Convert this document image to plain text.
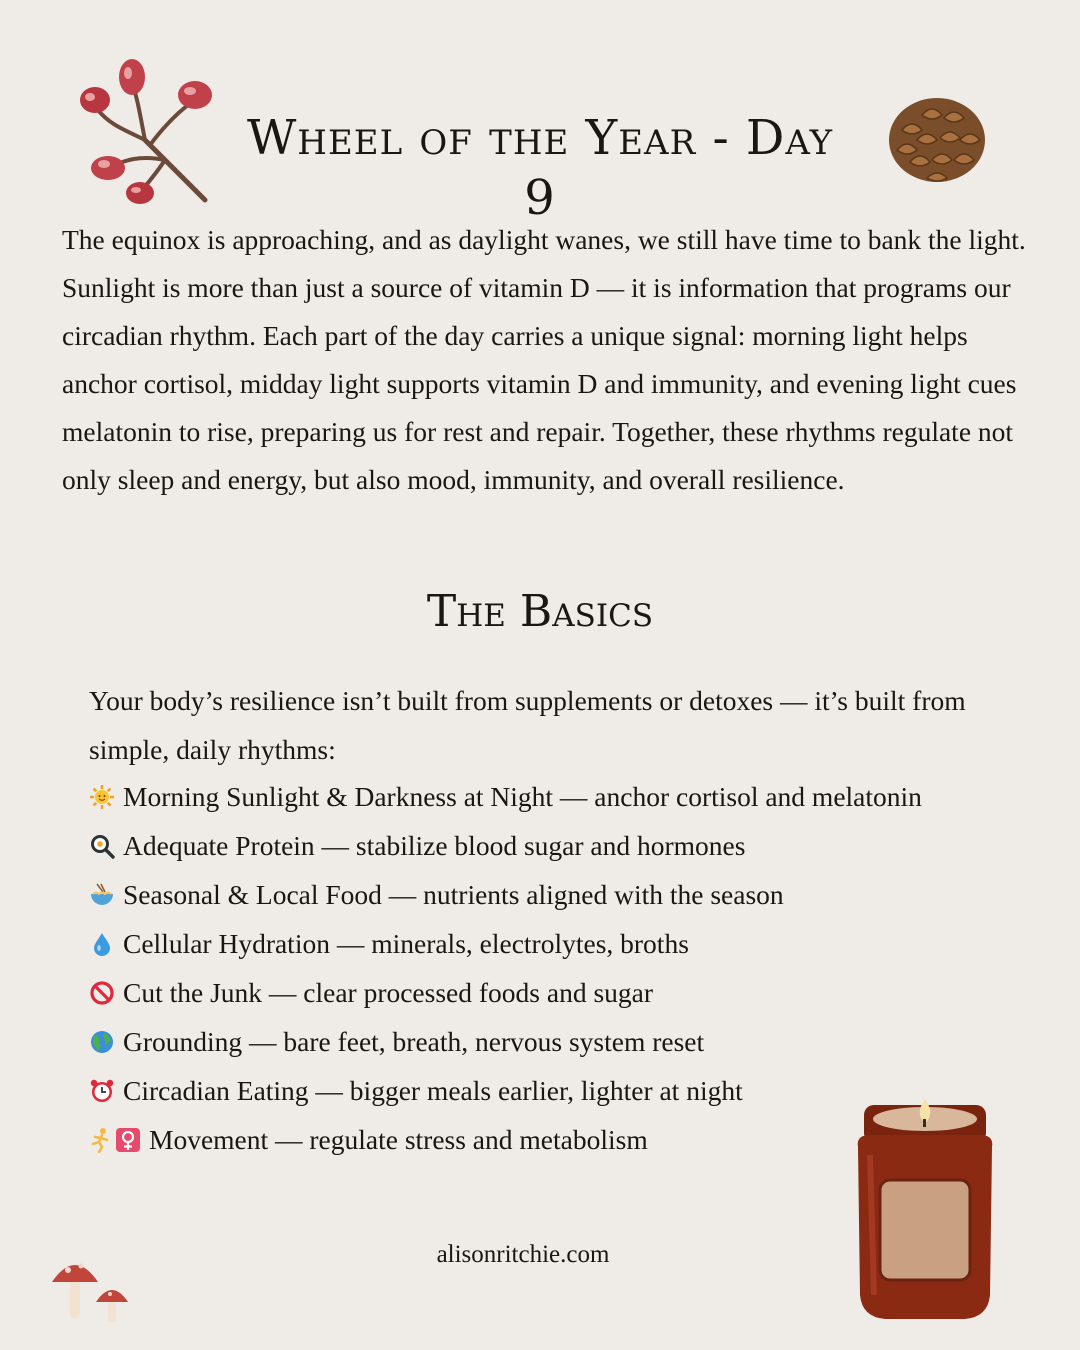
Wheel of the Year - Day 9

The equinox is approaching, and as daylight wanes, we still have time to bank the light. Sunlight is more than just a source of vitamin D — it is information that programs our circadian rhythm. Each part of the day carries a unique signal: morning light helps anchor cortisol, midday light supports vitamin D and immunity, and evening light cues melatonin to rise, preparing us for rest and repair. Together, these rhythms regulate not only sleep and energy, but also mood, immunity, and overall resilience.

The Basics

Your body’s resilience isn’t built from supplements or detoxes — it’s built from simple, daily rhythms:

Morning Sunlight & Darkness at Night — anchor cortisol and melatonin
Adequate Protein — stabilize blood sugar and hormones
Seasonal & Local Food — nutrients aligned with the season
Cellular Hydration — minerals, electrolytes, broths
Cut the Junk — clear processed foods and sugar
Grounding — bare feet, breath, nervous system reset
Circadian Eating — bigger meals earlier, lighter at night
Movement — regulate stress and metabolism
alisonritchie.com
